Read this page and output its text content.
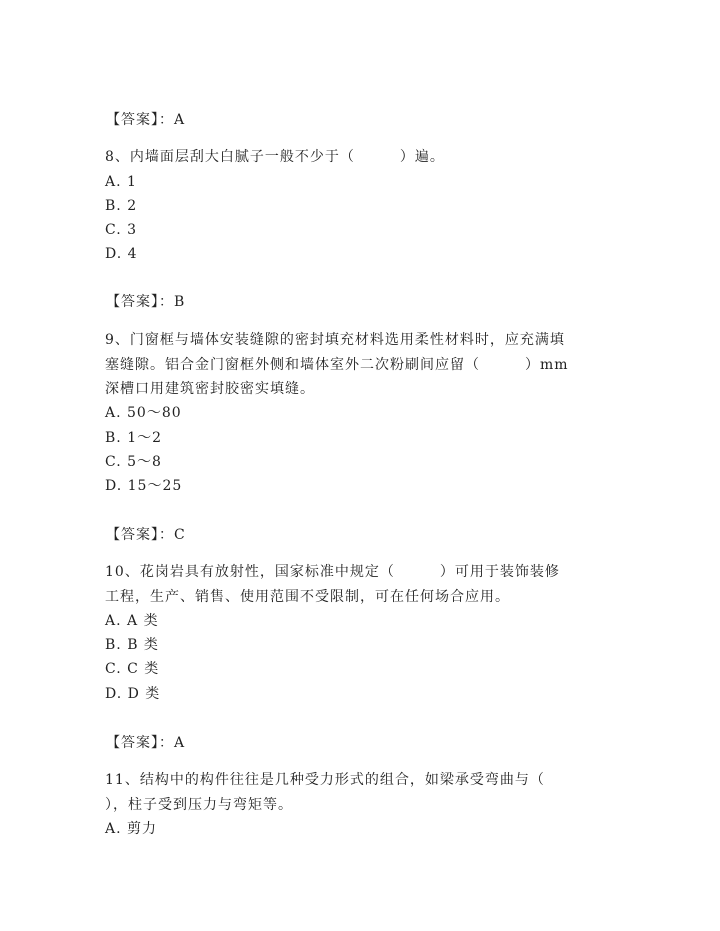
【答案】：A
8、内墙面层刮大白腻子一般不少于（　　　）遍。
A. 1
B. 2
C. 3
D. 4
【答案】：B
9、门窗框与墙体安装缝隙的密封填充材料选用柔性材料时，应充满填
塞缝隙。铝合金门窗框外侧和墙体室外二次粉刷间应留（　　　）mm
深槽口用建筑密封胶密实填缝。
A. 50～80
B. 1～2
C. 5～8
D. 15～25
【答案】：C
10、花岗岩具有放射性，国家标准中规定（　　　）可用于装饰装修
工程，生产、销售、使用范围不受限制，可在任何场合应用。
A. A 类
B. B 类
C. C 类
D. D 类
【答案】：A
11、结构中的构件往往是几种受力形式的组合，如梁承受弯曲与（
），柱子受到压力与弯矩等。
A. 剪力
